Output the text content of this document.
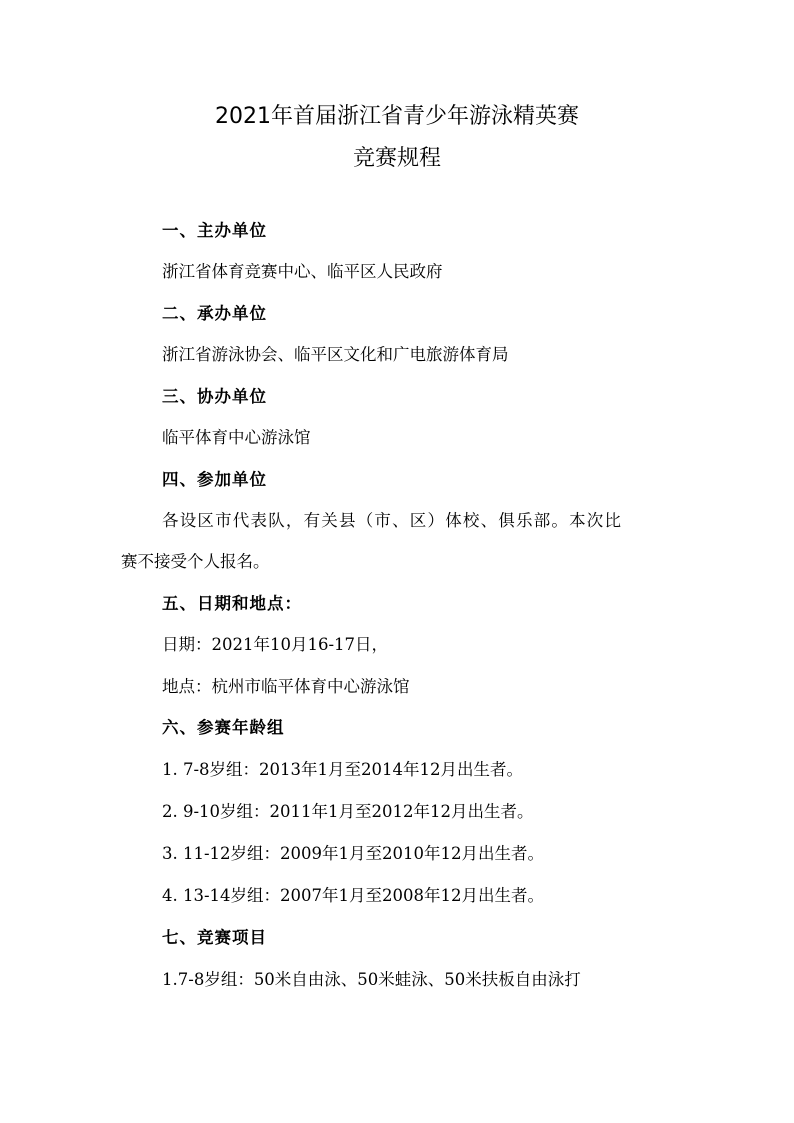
2021年首届浙江省青少年游泳精英赛
竞赛规程
一、主办单位
浙江省体育竞赛中心、临平区人民政府
二、承办单位
浙江省游泳协会、临平区文化和广电旅游体育局
三、协办单位
临平体育中心游泳馆
四、参加单位
各设区市代表队，有关县（市、区）体校、俱乐部。本次比
赛不接受个人报名。
五、日期和地点：
日期：2021年10月16-17日，
地点：杭州市临平体育中心游泳馆
六、参赛年龄组
1. 7-8岁组：2013年1月至2014年12月出生者。
2. 9-10岁组：2011年1月至2012年12月出生者。
3. 11-12岁组：2009年1月至2010年12月出生者。
4. 13-14岁组：2007年1月至2008年12月出生者。
七、竞赛项目
1.7-8岁组：50米自由泳、50米蛙泳、50米扶板自由泳打
